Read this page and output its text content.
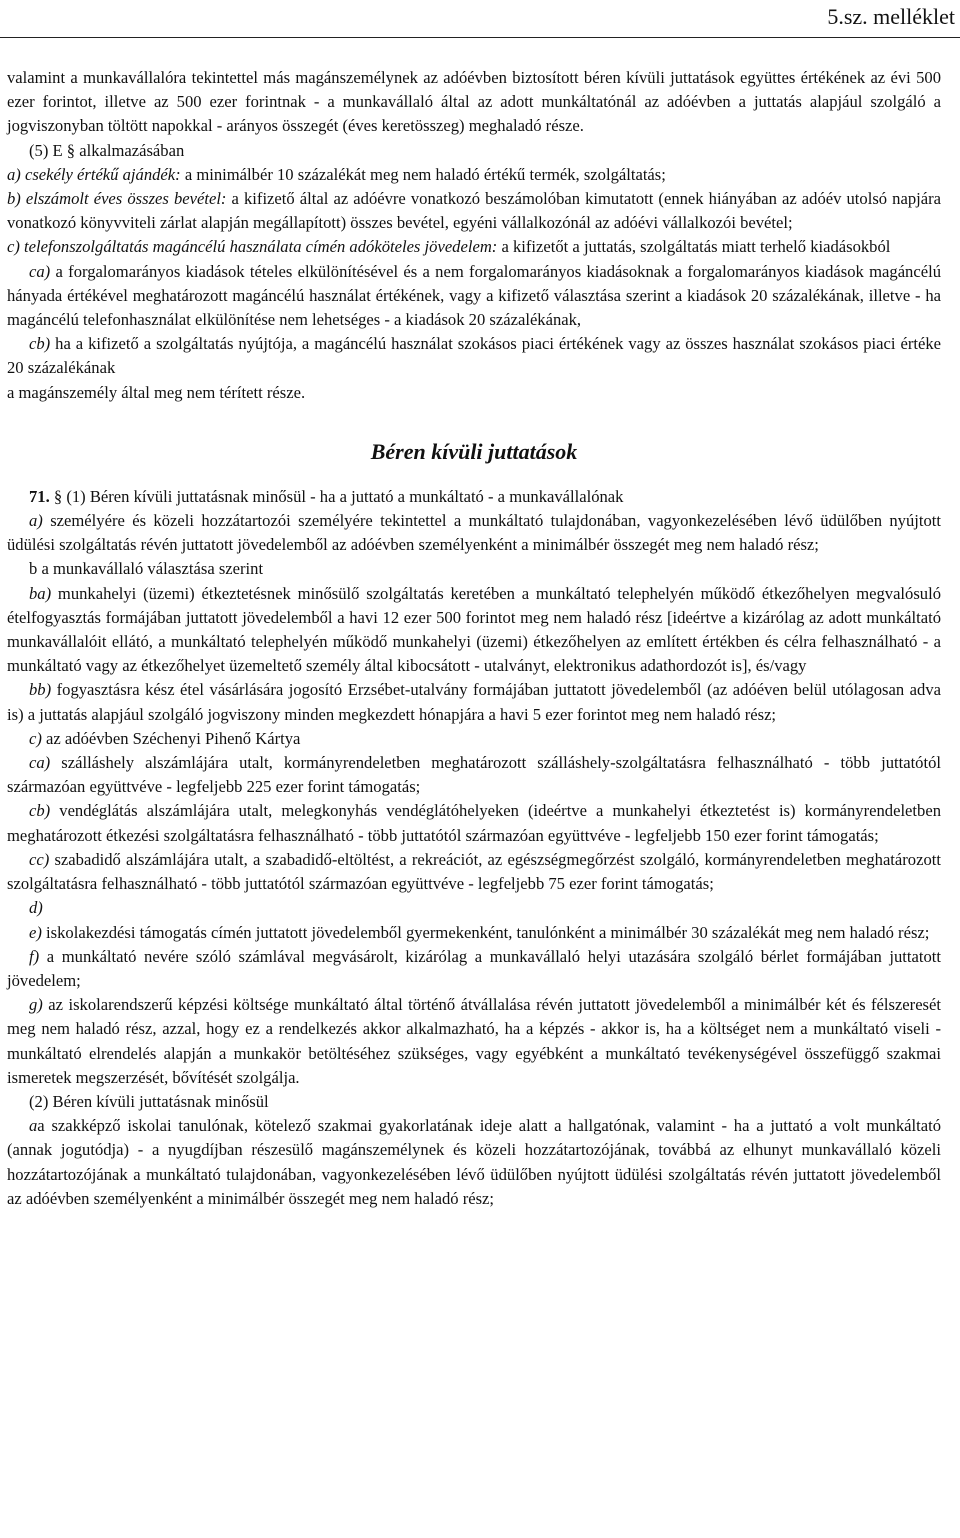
5.sz. melléklet

valamint a munkavállalóra tekintettel más magánszemélynek az adóévben biztosított béren kívüli juttatások együttes értékének az évi 500 ezer forintot, illetve az 500 ezer forintnak - a munkavállaló által az adott munkáltatónál az adóévben a juttatás alapjául szolgáló a jogviszonyban töltött napokkal - arányos összegét (éves keretösszeg) meghaladó része.

(5) E § alkalmazásában

a) csekély értékű ajándék: a minimálbér 10 százalékát meg nem haladó értékű termék, szolgáltatás;

b) elszámolt éves összes bevétel: a kifizető által az adóévre vonatkozó beszámolóban kimutatott (ennek hiányában az adóév utolsó napjára vonatkozó könyvviteli zárlat alapján megállapított) összes bevétel, egyéni vállalkozónál az adóévi vállalkozói bevétel;

c) telefonszolgáltatás magáncélú használata címén adóköteles jövedelem: a kifizetőt a juttatás, szolgáltatás miatt terhelő kiadásokból

ca) a forgalomarányos kiadások tételes elkülönítésével és a nem forgalomarányos kiadásoknak a forgalomarányos kiadások magáncélú hányada értékével meghatározott magáncélú használat értékének, vagy a kifizető választása szerint a kiadások 20 százalékának, illetve - ha magáncélú telefonhasználat elkülönítése nem lehetséges - a kiadások 20 százalékának,

cb) ha a kifizető a szolgáltatás nyújtója, a magáncélú használat szokásos piaci értékének vagy az összes használat szokásos piaci értéke 20 százalékának

a magánszemély által meg nem térített része.

Béren kívüli juttatások

71. § (1) Béren kívüli juttatásnak minősül - ha a juttató a munkáltató - a munkavállalónak

a) személyére és közeli hozzátartozói személyére tekintettel a munkáltató tulajdonában, vagyonkezelésében lévő üdülőben nyújtott üdülési szolgáltatás révén juttatott jövedelemből az adóévben személyenként a minimálbér összegét meg nem haladó rész;

b a munkavállaló választása szerint

ba) munkahelyi (üzemi) étkeztetésnek minősülő szolgáltatás keretében a munkáltató telephelyén működő étkezőhelyen megvalósuló ételfogyasztás formájában juttatott jövedelemből a havi 12 ezer 500 forintot meg nem haladó rész [ideértve a kizárólag az adott munkáltató munkavállalóit ellátó, a munkáltató telephelyén működő munkahelyi (üzemi) étkezőhelyen az említett értékben és célra felhasználható - a munkáltató vagy az étkezőhelyet üzemeltető személy által kibocsátott - utalványt, elektronikus adathordozót is], és/vagy

bb) fogyasztásra kész étel vásárlására jogosító Erzsébet-utalvány formájában juttatott jövedelemből (az adóéven belül utólagosan adva is) a juttatás alapjául szolgáló jogviszony minden megkezdett hónapjára a havi 5 ezer forintot meg nem haladó rész;

c) az adóévben Széchenyi Pihenő Kártya

ca) szálláshely alszámlájára utalt, kormányrendeletben meghatározott szálláshely-szolgáltatásra felhasználható - több juttatótól származóan együttvéve - legfeljebb 225 ezer forint támogatás;

cb) vendéglátás alszámlájára utalt, melegkonyhás vendéglátóhelyeken (ideértve a munkahelyi étkeztetést is) kormányrendeletben meghatározott étkezési szolgáltatásra felhasználható - több juttatótól származóan együttvéve - legfeljebb 150 ezer forint támogatás;

cc) szabadidő alszámlájára utalt, a szabadidő-eltöltést, a rekreációt, az egészségmegőrzést szolgáló, kormányrendeletben meghatározott szolgáltatásra felhasználható - több juttatótól származóan együttvéve - legfeljebb 75 ezer forint támogatás;

d)

e) iskolakezdési támogatás címén juttatott jövedelemből gyermekenként, tanulónként a minimálbér 30 százalékát meg nem haladó rész;

f) a munkáltató nevére szóló számlával megvásárolt, kizárólag a munkavállaló helyi utazására szolgáló bérlet formájában juttatott jövedelem;

g) az iskolarendszerű képzési költsége munkáltató által történő átvállalása révén juttatott jövedelemből a minimálbér két és félszeresét meg nem haladó rész, azzal, hogy ez a rendelkezés akkor alkalmazható, ha a képzés - akkor is, ha a költséget nem a munkáltató viseli - munkáltató elrendelés alapján a munkakör betöltéséhez szükséges, vagy egyébként a munkáltató tevékenységével összefüggő szakmai ismeretek megszerzését, bővítését szolgálja.

(2) Béren kívüli juttatásnak minősül

aa szakképző iskolai tanulónak, kötelező szakmai gyakorlatának ideje alatt a hallgatónak, valamint - ha a juttató a volt munkáltató (annak jogutódja) - a nyugdíjban részesülő magánszemélynek és közeli hozzátartozójának, továbbá az elhunyt munkavállaló közeli hozzátartozójának a munkáltató tulajdonában, vagyonkezelésében lévő üdülőben nyújtott üdülési szolgáltatás révén juttatott jövedelemből az adóévben személyenként a minimálbér összegét meg nem haladó rész;
